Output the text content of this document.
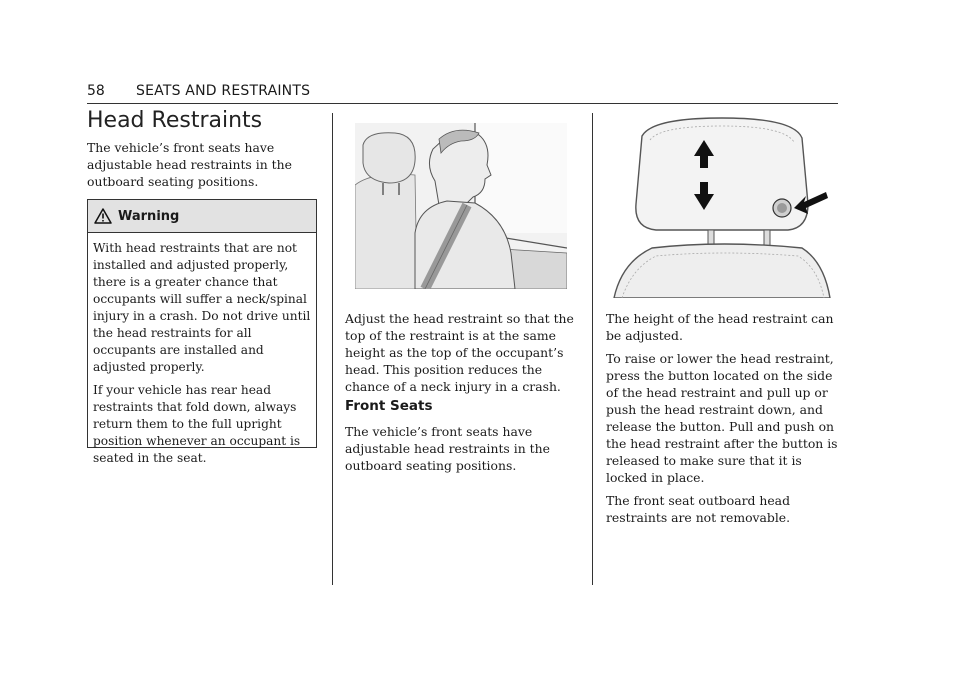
58 SEATS AND RESTRAINTS
Head Restraints

The vehicle’s front seats have adjustable head restraints in the outboard seating positions.

Warning

With head restraints that are not installed and adjusted properly, there is a greater chance that occupants will suffer a neck/spinal injury in a crash. Do not drive until the head restraints for all occupants are installed and adjusted properly.

If your vehicle has rear head restraints that fold down, always return them to the full upright position whenever an occupant is seated in the seat.

Adjust the head restraint so that the top of the restraint is at the same height as the top of the occupant’s head. This position reduces the chance of a neck injury in a crash.

Front Seats

The vehicle’s front seats have adjustable head restraints in the outboard seating positions.

The height of the head restraint can be adjusted.

To raise or lower the head restraint, press the button located on the side of the head restraint and pull up or push the head restraint down, and release the button. Pull and push on the head restraint after the button is released to make sure that it is locked in place.

The front seat outboard head restraints are not removable.
